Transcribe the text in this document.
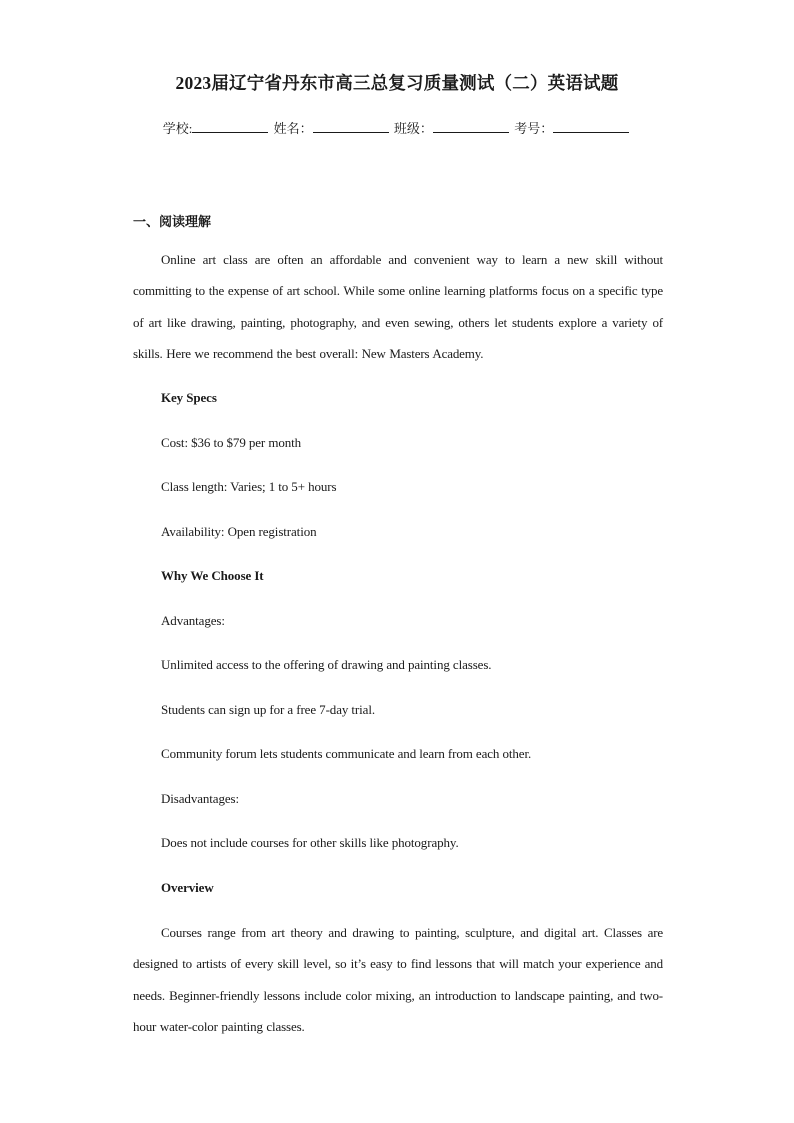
2023届辽宁省丹东市高三总复习质量测试（二）英语试题
学校:	姓名：	班级：	考号：
一、阅读理解

Online art class are often an affordable and convenient way to learn a new skill without committing to the expense of art school. While some online learning platforms focus on a specific type of art like drawing, painting, photography, and even sewing, others let students explore a variety of skills. Here we recommend the best overall: New Masters Academy.

Key Specs
Cost: $36 to $79 per month
Class length: Varies; 1 to 5+ hours
Availability: Open registration
Why We Choose It
Advantages:
Unlimited access to the offering of drawing and painting classes.
Students can sign up for a free 7-day trial.
Community forum lets students communicate and learn from each other.
Disadvantages:
Does not include courses for other skills like photography.
Overview

Courses range from art theory and drawing to painting, sculpture, and digital art. Classes are designed to artists of every skill level, so it’s easy to find lessons that will match your experience and needs. Beginner-friendly lessons include color mixing, an introduction to landscape painting, and two-hour water-color painting classes.
